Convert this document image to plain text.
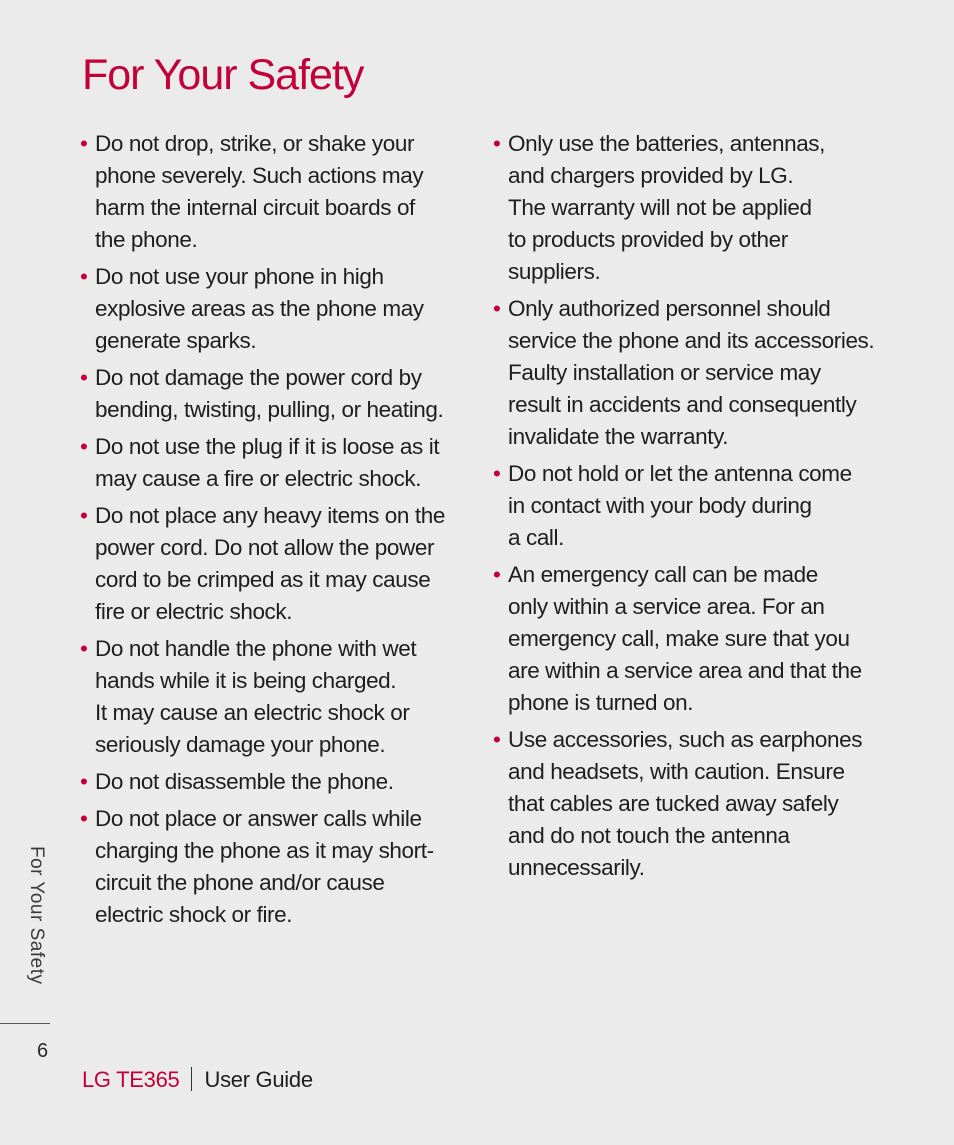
For Your Safety
• Do not drop, strike, or shake your
phone severely. Such actions may
harm the internal circuit boards of
the phone.
• Do not use your phone in high
explosive areas as the phone may
generate sparks.
• Do not damage the power cord by
bending, twisting, pulling, or heating.
• Do not use the plug if it is loose as it
may cause a fire or electric shock.
• Do not place any heavy items on the
power cord. Do not allow the power
cord to be crimped as it may cause
fire or electric shock.
• Do not handle the phone with wet
hands while it is being charged.
It may cause an electric shock or
seriously damage your phone.
• Do not disassemble the phone.
• Do not place or answer calls while
charging the phone as it may short-
circuit the phone and/or cause
electric shock or fire.
• Only use the batteries, antennas,
and chargers provided by LG.
The warranty will not be applied
to products provided by other
suppliers.
• Only authorized personnel should
service the phone and its accessories.
Faulty installation or service may
result in accidents and consequently
invalidate the warranty.
• Do not hold or let the antenna come
in contact with your body during
a call.
• An emergency call can be made
only within a service area. For an
emergency call, make sure that you
are within a service area and that the
phone is turned on.
• Use accessories, such as earphones
and headsets, with caution. Ensure
that cables are tucked away safely
and do not touch the antenna
unnecessarily.
For Your Safety
6
LG TE365 User Guide
